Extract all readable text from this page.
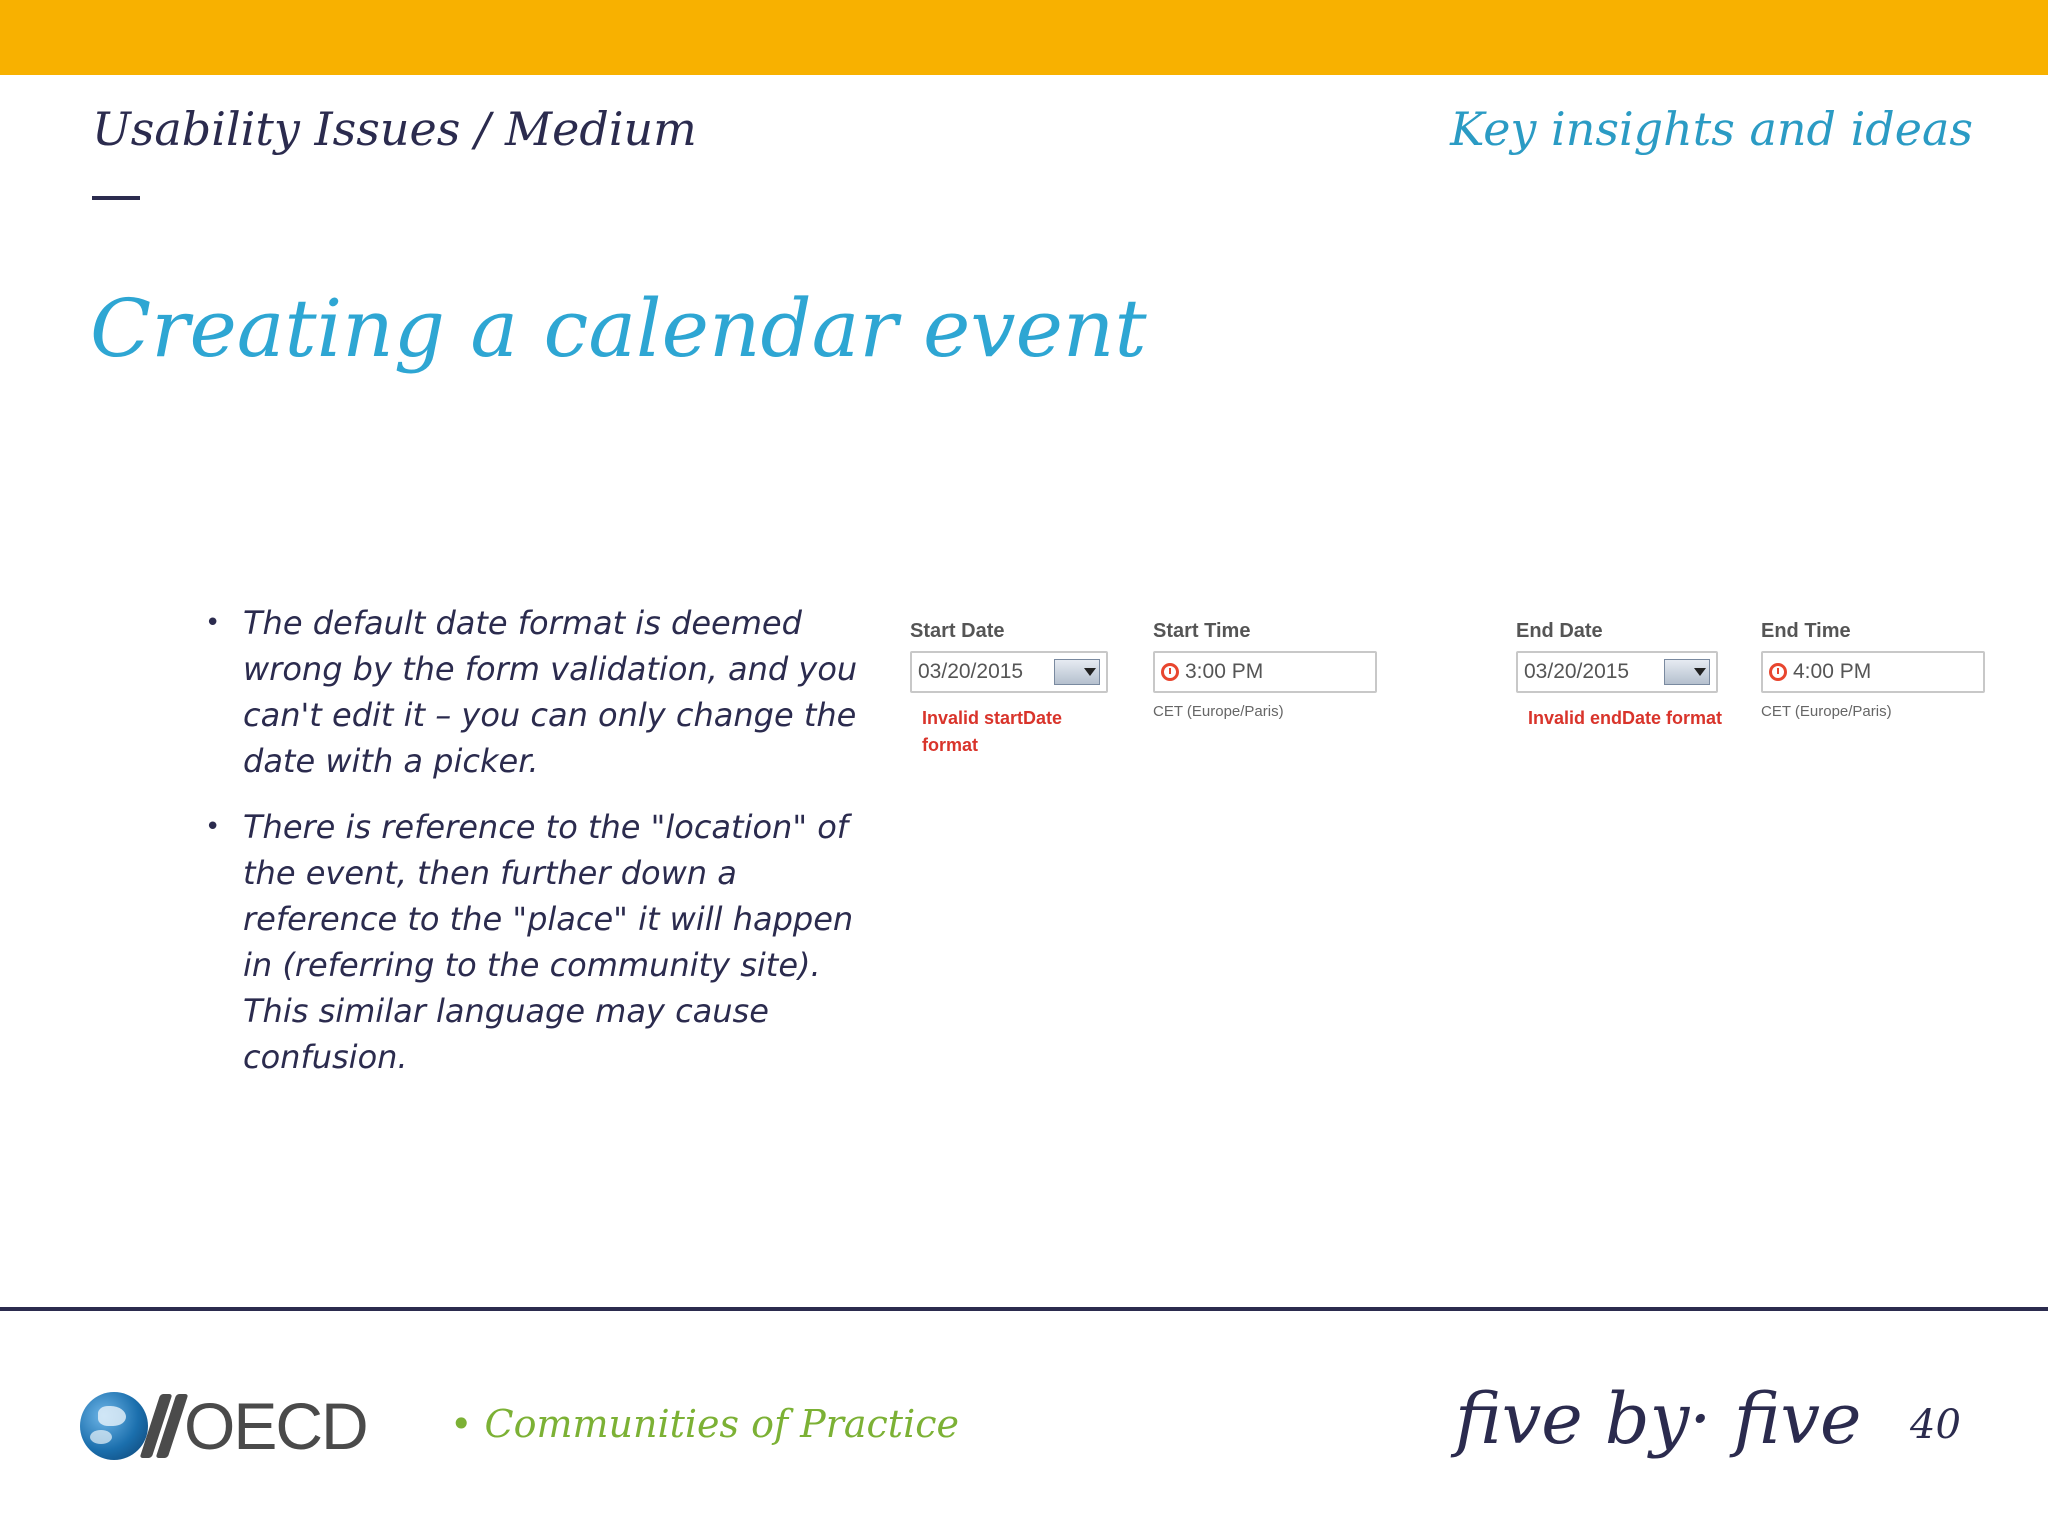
Usability Issues / Medium	Key insights and ideas
Creating a calendar event
• The default date format is deemed wrong by the form validation, and you can't edit it – you can only change the date with a picker.
• There is reference to the "location" of the event, then further down a reference to the "place" it will happen in (referring to the community site). This similar language may cause confusion.
Start Date
03/20/2015
Invalid startDate format
Start Time
3:00 PM
CET (Europe/Paris)
End Date
03/20/2015
Invalid endDate format
End Time
4:00 PM
CET (Europe/Paris)
OECD • Communities of Practice	five by· five 40
